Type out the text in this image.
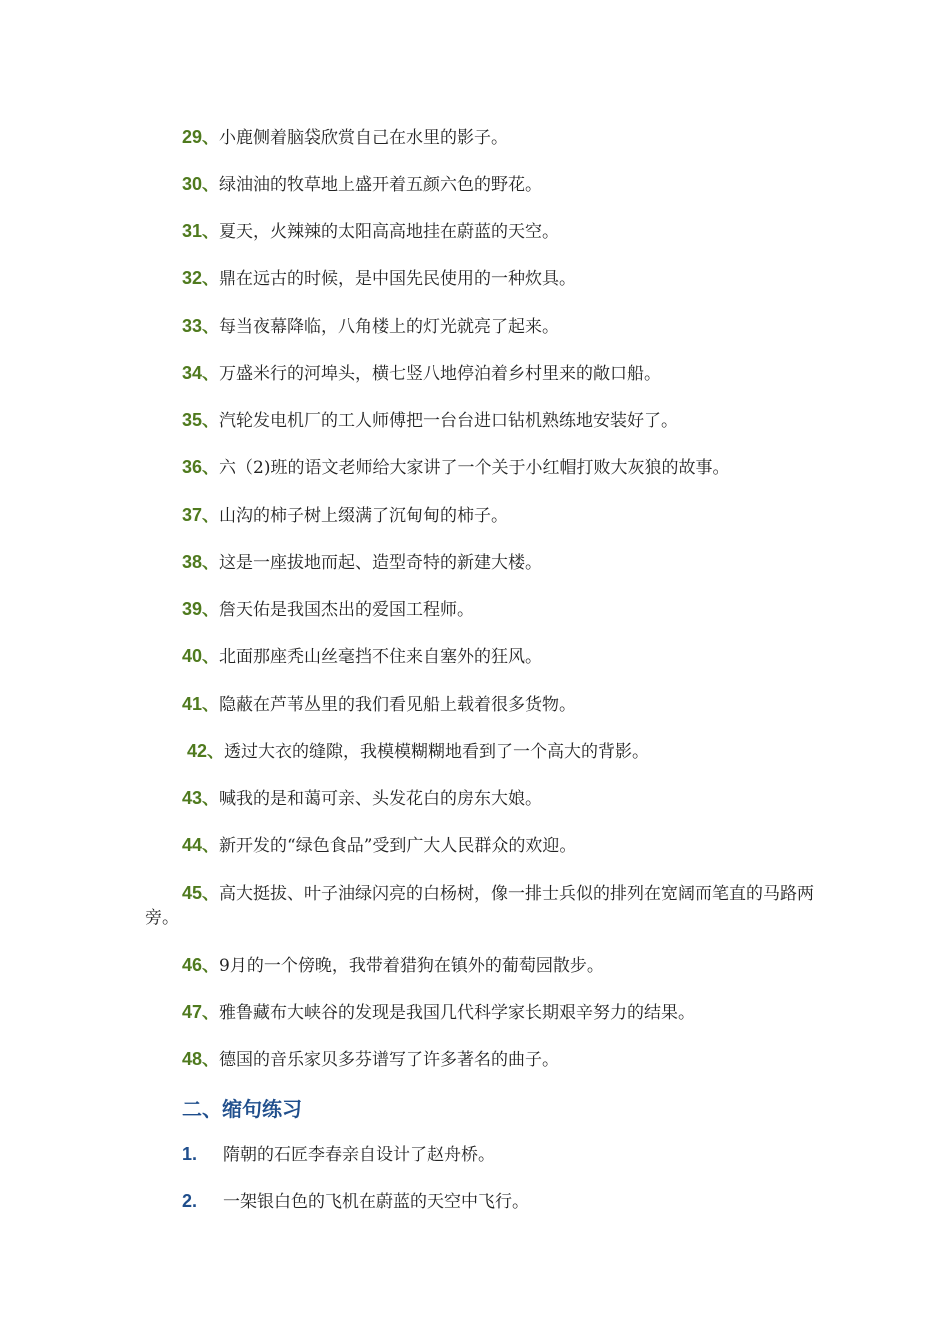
29、小鹿侧着脑袋欣赏自己在水里的影子。
30、绿油油的牧草地上盛开着五颜六色的野花。
31、夏天，火辣辣的太阳高高地挂在蔚蓝的天空。
32、鼎在远古的时候，是中国先民使用的一种炊具。
33、每当夜幕降临，八角楼上的灯光就亮了起来。
34、万盛米行的河埠头，横七竖八地停泊着乡村里来的敞口船。
35、汽轮发电机厂的工人师傅把一台台进口钻机熟练地安装好了。
36、六（2)班的语文老师给大家讲了一个关于小红帽打败大灰狼的故事。
37、山沟的柿子树上缀满了沉甸甸的柿子。
38、这是一座拔地而起、造型奇特的新建大楼。
39、詹天佑是我国杰出的爱国工程师。
40、北面那座秃山丝毫挡不住来自塞外的狂风。
41、隐蔽在芦苇丛里的我们看见船上载着很多货物。
42、透过大衣的缝隙，我模模糊糊地看到了一个高大的背影。
43、喊我的是和蔼可亲、头发花白的房东大娘。
44、新开发的“绿色食品”受到广大人民群众的欢迎。
45、高大挺拔、叶子油绿闪亮的白杨树，像一排士兵似的排列在宽阔而笔直的马路两旁。
46、9月的一个傍晚，我带着猎狗在镇外的葡萄园散步。
47、雅鲁藏布大峡谷的发现是我国几代科学家长期艰辛努力的结果。
48、德国的音乐家贝多芬谱写了许多著名的曲子。
二、缩句练习
1. 隋朝的石匠李春亲自设计了赵舟桥。
2. 一架银白色的飞机在蔚蓝的天空中飞行。
